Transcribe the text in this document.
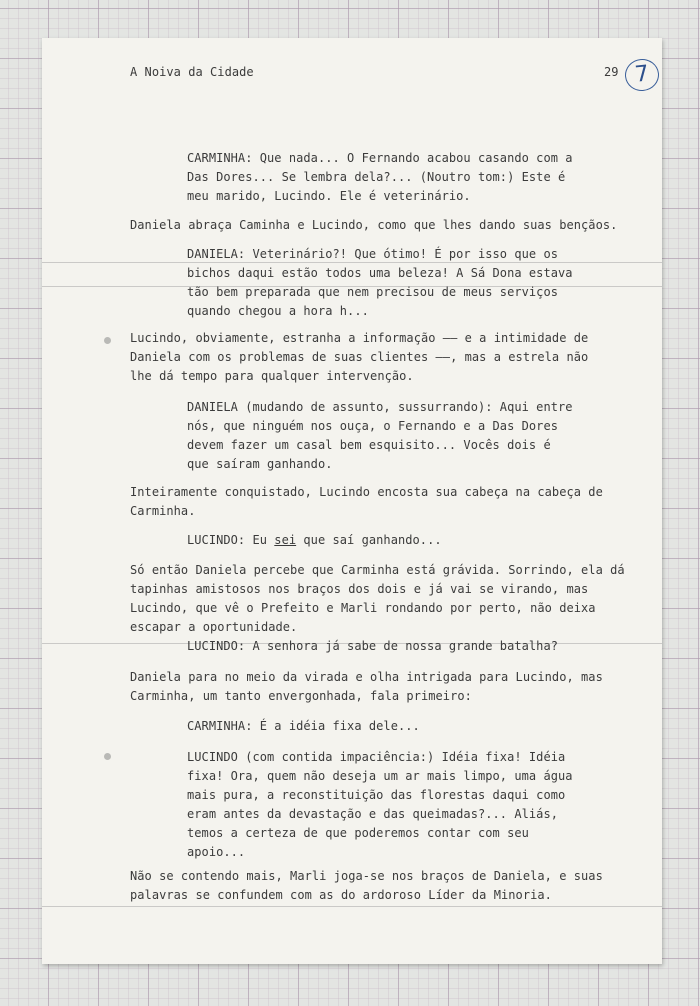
A Noiva da Cidade	29 7

CARMINHA: Que nada... O Fernando acabou casando com a
Das Dores... Se lembra dela?... (Noutro tom:) Este é
meu marido, Lucindo. Ele é veterinário.

Daniela abraça Caminha e Lucindo, como que lhes dando suas bençãos.

DANIELA: Veterinário?! Que ótimo! É por isso que os
bichos daqui estão todos uma beleza! A Sá Dona estava
tão bem preparada que nem precisou de meus serviços
quando chegou a hora h...

Lucindo, obviamente, estranha a informação —— e a intimidade de
Daniela com os problemas de suas clientes ——, mas a estrela não
lhe dá tempo para qualquer intervenção.

DANIELA (mudando de assunto, sussurrando): Aqui entre
nós, que ninguém nos ouça, o Fernando e a Das Dores
devem fazer um casal bem esquisito... Vocês dois é
que saíram ganhando.

Inteiramente conquistado, Lucindo encosta sua cabeça na cabeça de
Carminha.

LUCINDO: Eu sei que saí ganhando...

Só então Daniela percebe que Carminha está grávida. Sorrindo, ela dá
tapinhas amistosos nos braços dos dois e já vai se virando, mas
Lucindo, que vê o Prefeito e Marli rondando por perto, não deixa
escapar a oportunidade.

LUCINDO: A senhora já sabe de nossa grande batalha?

Daniela para no meio da virada e olha intrigada para Lucindo, mas
Carminha, um tanto envergonhada, fala primeiro:

CARMINHA: É a idéia fixa dele...

LUCINDO (com contida impaciência:) Idéia fixa! Idéia
fixa! Ora, quem não deseja um ar mais limpo, uma água
mais pura, a reconstituição das florestas daqui como
eram antes da devastação e das queimadas?... Aliás,
temos a certeza de que poderemos contar com seu
apoio...

Não se contendo mais, Marli joga-se nos braços de Daniela, e suas
palavras se confundem com as do ardoroso Líder da Minoria.
